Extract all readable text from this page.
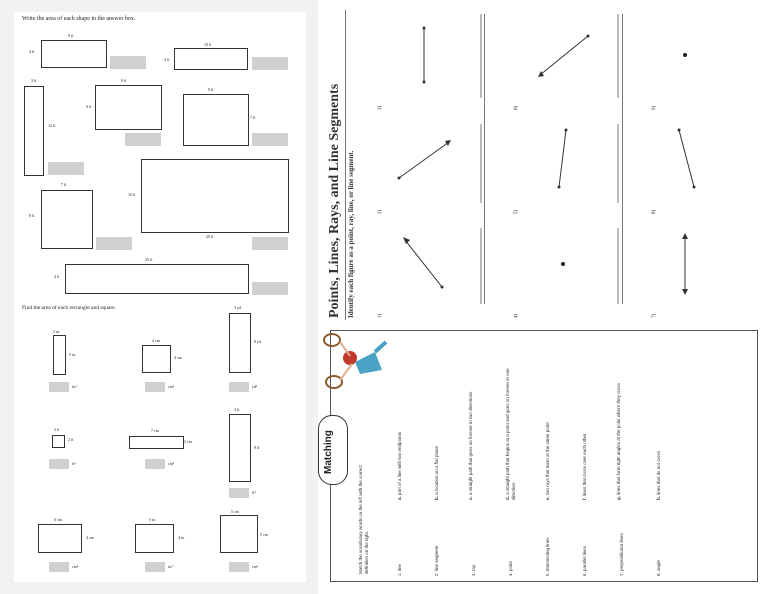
Write the area of each shape in the answer box.
9 ft
4 ft
10 ft
3 ft
3 ft
12 ft
9 ft
6 ft
9 ft
7 ft
7 ft
8 ft
10 ft
20 ft
25 ft
4 ft
Find the area of each rectangle and square.
2 in.
5 in.
in.²
4 cm
4 cm
cm²
3 yd
8 yd
yd²
2 ft
2 ft
ft²
7 cm
2 cm
cm²
3 ft
9 ft
ft²
6 cm
4 cm
cm²
5 in.
4 in.
in.²
5 cm
5 cm
cm²
Points, Lines, Rays, and Line Segments Identify each figure as a point, ray, line, or line segment.	1)
2)
3)
4)
5)
6)
7)
8)
9)
Matching
Match the vocabulary words on the left with the correct definition on the right.	1. line	2. line segment	3. ray	4. point	5. intersecting lines	6. parallel lines	7. perpendicular lines	8. angle
a. part of a line with two endpoints
b. a location on a flat plane
c. a straight path that goes on forever in two directions
d. a straight path that begins at a point and goes on forever in one direction	e. two rays that meet at the same point
f. lines that cross over each other
g. lines that form right angles at the point where they cross
h. lines that do not cross
